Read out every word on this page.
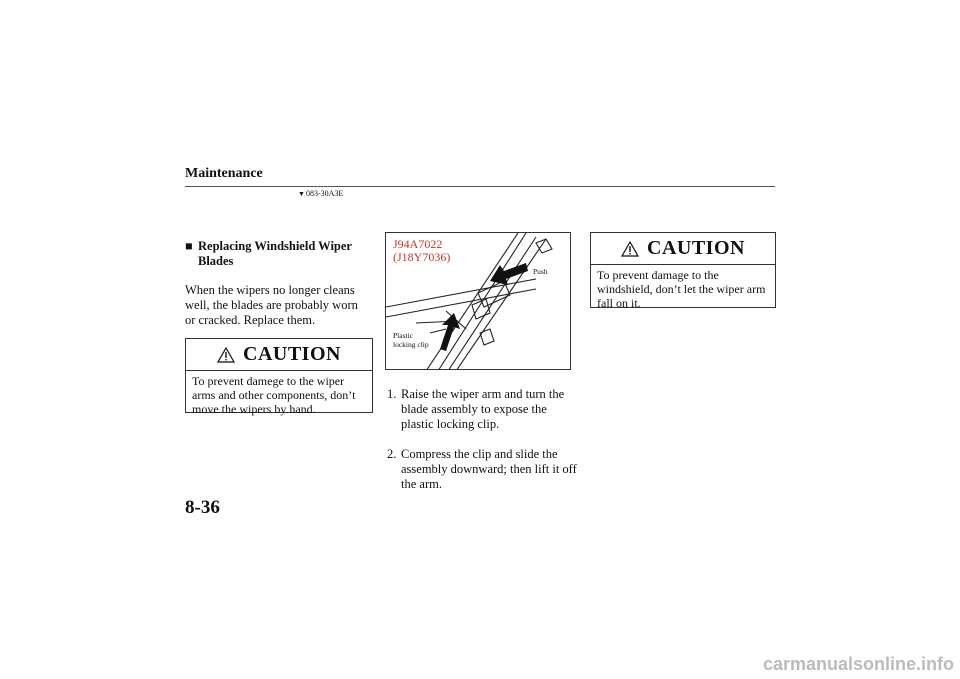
Maintenance
▼083-30A3E
■ Replacing Windshield Wiper
Blades
When the wipers no longer cleans well, the blades are probably worn or cracked. Replace them.
CAUTION
To prevent damege to the wiper arms and other components, don’t move the wipers by hand.
J94A7022
(J18Y7036)
Push
Plastic
locking clip
1. Raise the wiper arm and turn the blade assembly to expose the plastic locking clip.
2. Compress the clip and slide the assembly downward; then lift it off the arm.
CAUTION
To prevent damage to the windshield, don’t let the wiper arm fall on it.
8-36
carmanualsonline.info
